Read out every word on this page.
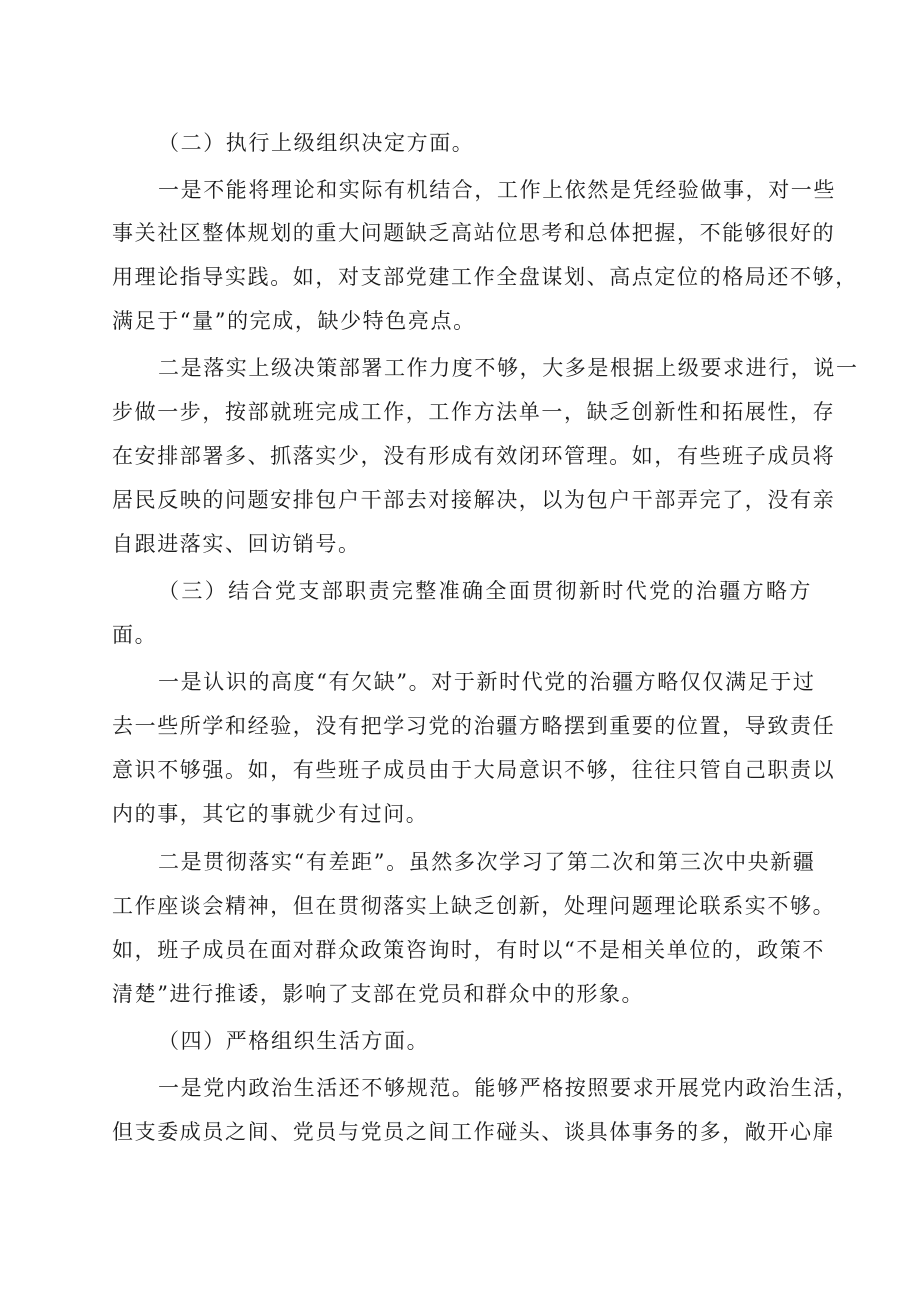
（二）执行上级组织决定方面。
一是不能将理论和实际有机结合，工作上依然是凭经验做事，对一些
事关社区整体规划的重大问题缺乏高站位思考和总体把握，不能够很好的
用理论指导实践。如，对支部党建工作全盘谋划、高点定位的格局还不够，
满足于“量”的完成，缺少特色亮点。
二是落实上级决策部署工作力度不够，大多是根据上级要求进行，说一
步做一步，按部就班完成工作，工作方法单一，缺乏创新性和拓展性，存
在安排部署多、抓落实少，没有形成有效闭环管理。如，有些班子成员将
居民反映的问题安排包户干部去对接解决，以为包户干部弄完了，没有亲
自跟进落实、回访销号。
（三）结合党支部职责完整准确全面贯彻新时代党的治疆方略方
面。
一是认识的高度“有欠缺”。对于新时代党的治疆方略仅仅满足于过
去一些所学和经验，没有把学习党的治疆方略摆到重要的位置，导致责任
意识不够强。如，有些班子成员由于大局意识不够，往往只管自己职责以
内的事，其它的事就少有过问。
二是贯彻落实“有差距”。虽然多次学习了第二次和第三次中央新疆
工作座谈会精神，但在贯彻落实上缺乏创新，处理问题理论联系实不够。
如，班子成员在面对群众政策咨询时，有时以“不是相关单位的，政策不
清楚”进行推诿，影响了支部在党员和群众中的形象。
（四）严格组织生活方面。
一是党内政治生活还不够规范。能够严格按照要求开展党内政治生活，
但支委成员之间、党员与党员之间工作碰头、谈具体事务的多，敞开心扉
